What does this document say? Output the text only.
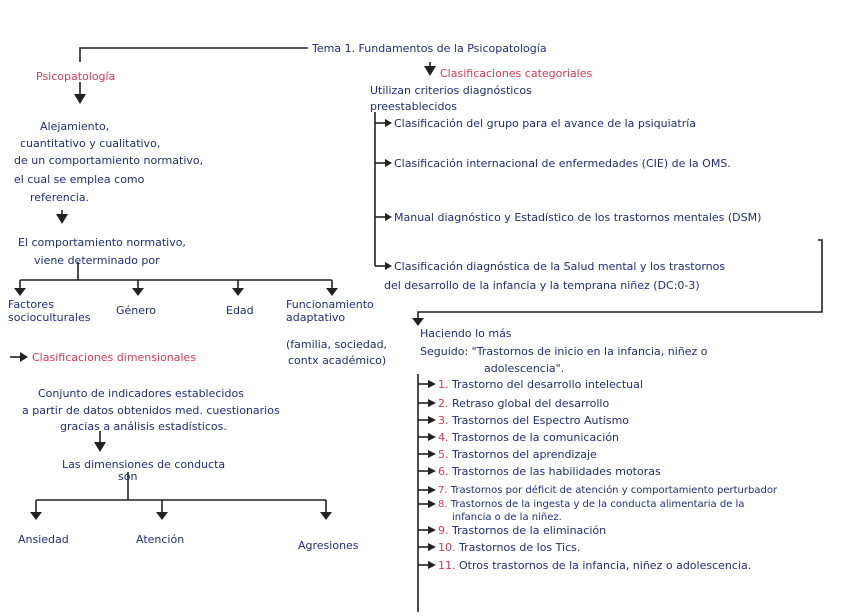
Tema 1. Fundamentos de la Psicopatología
Psicopatología
Alejamiento,
cuantitativo y cualitativo,
de un comportamiento normativo,
el cual se emplea como
referencia.
El comportamiento normativo,
viene determinado por
Factores socioculturales
Género	Edad	Funcionamiento adaptativo
(familia, sociedad,
contx académico)
Clasificaciones dimensionales
Conjunto de indicadores establecidos
a partir de datos obtenidos med. cuestionarios
gracias a análisis estadísticos.
Las dimensiones de conducta
son
Ansiedad	Atención	Agresiones
Clasificaciones categoriales
Utilizan criterios diagnósticos
preestablecidos
Clasificación del grupo para el avance de la psiquiatría
Clasificación internacional de enfermedades (CIE) de la OMS.
Manual diagnóstico y Estadístico de los trastornos mentales (DSM)
Clasificación diagnóstica de la Salud mental y los trastornos
del desarrollo de la infancia y la temprana niñez (DC:0-3)
Haciendo lo más
Seguido: "Trastornos de inicio en la infancia, niñez o
adolescencia".
1. Trastorno del desarrollo intelectual
2. Retraso global del desarrollo
3. Trastornos del Espectro Autismo
4. Trastornos de la comunicación
5. Trastornos del aprendizaje
6. Trastornos de las habilidades motoras
7. Trastornos por déficit de atención y comportamiento perturbador
8. Trastornos de la ingesta y de la conducta alimentaria de la
infancia o de la niñez.
9. Trastornos de la eliminación
10. Trastornos de los Tics.
11. Otros trastornos de la infancia, niñez o adolescencia.
